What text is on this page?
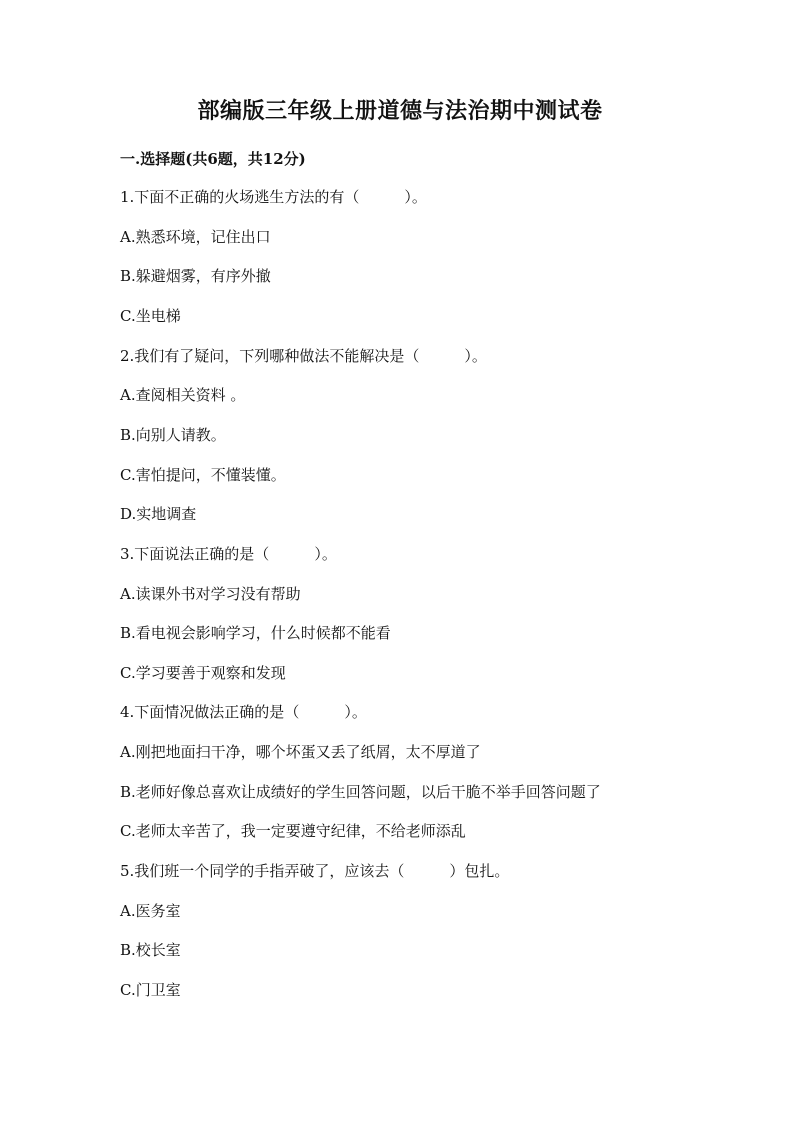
部编版三年级上册道德与法治期中测试卷
一.选择题(共6题，共12分)
1.下面不正确的火场逃生方法的有（　　　）。
A.熟悉环境，记住出口
B.躲避烟雾，有序外撤
C.坐电梯
2.我们有了疑问，下列哪种做法不能解决是（　　　）。
A.查阅相关资料 。
B.向别人请教。
C.害怕提问，不懂装懂。
D.实地调查
3.下面说法正确的是（　　　）。
A.读课外书对学习没有帮助
B.看电视会影响学习，什么时候都不能看
C.学习要善于观察和发现
4.下面情况做法正确的是（　　　）。
A.刚把地面扫干净，哪个坏蛋又丢了纸屑，太不厚道了
B.老师好像总喜欢让成绩好的学生回答问题，以后干脆不举手回答问题了
C.老师太辛苦了，我一定要遵守纪律，不给老师添乱
5.我们班一个同学的手指弄破了，应该去（　　　）包扎。
A.医务室
B.校长室
C.门卫室
